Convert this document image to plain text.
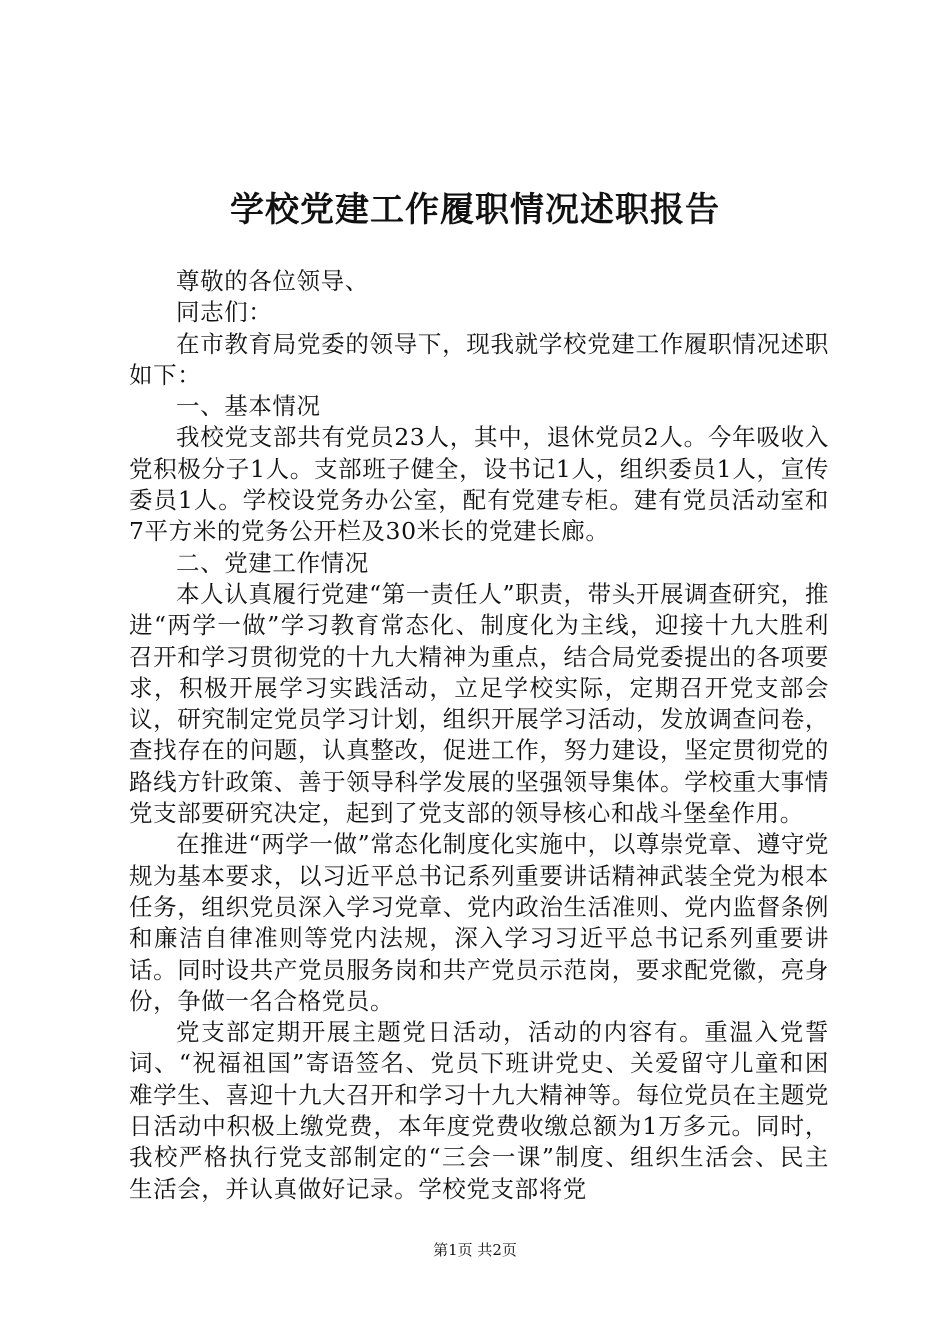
学校党建工作履职情况述职报告

尊敬的各位领导、

同志们：

在市教育局党委的领导下，现我就学校党建工作履职情况述职如下：

一、基本情况

我校党支部共有党员23人，其中，退休党员2人。今年吸收入党积极分子1人。支部班子健全，设书记1人，组织委员1人，宣传委员1人。学校设党务办公室，配有党建专柜。建有党员活动室和7平方米的党务公开栏及30米长的党建长廊。

二、党建工作情况

本人认真履行党建“第一责任人”职责，带头开展调查研究，推进“两学一做”学习教育常态化、制度化为主线，迎接十九大胜利召开和学习贯彻党的十九大精神为重点，结合局党委提出的各项要求，积极开展学习实践活动，立足学校实际，定期召开党支部会议，研究制定党员学习计划，组织开展学习活动，发放调查问卷，查找存在的问题，认真整改，促进工作，努力建设，坚定贯彻党的路线方针政策、善于领导科学发展的坚强领导集体。学校重大事情党支部要研究决定，起到了党支部的领导核心和战斗堡垒作用。

在推进“两学一做”常态化制度化实施中，以尊崇党章、遵守党规为基本要求，以习近平总书记系列重要讲话精神武装全党为根本任务，组织党员深入学习党章、党内政治生活准则、党内监督条例和廉洁自律准则等党内法规，深入学习习近平总书记系列重要讲话。同时设共产党员服务岗和共产党员示范岗，要求配党徽，亮身份，争做一名合格党员。

党支部定期开展主题党日活动，活动的内容有。重温入党誓词、“祝福祖国”寄语签名、党员下班讲党史、关爱留守儿童和困难学生、喜迎十九大召开和学习十九大精神等。每位党员在主题党日活动中积极上缴党费，本年度党费收缴总额为1万多元。同时，我校严格执行党支部制定的“三会一课”制度、组织生活会、民主生活会，并认真做好记录。学校党支部将党

第1页 共2页
